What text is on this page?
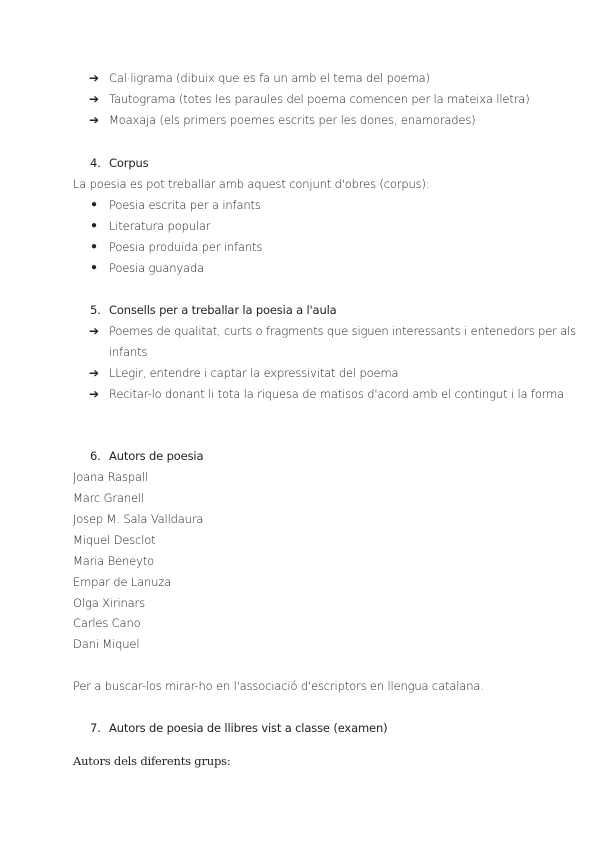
➔ Cal·ligrama (dibuix que es fa un amb el tema del poema)
➔ Tautograma (totes les paraules del poema comencen per la mateixa lletra)
➔ Moaxaja (els primers poemes escrits per les dones, enamorades)
4. Corpus
La poesia es pot treballar amb aquest conjunt d'obres (corpus):
● Poesia escrita per a infants
● Literatura popular
● Poesia produïda per infants
● Poesia guanyada
5. Consells per a treballar la poesia a l'aula
➔ Poemes de qualitat, curts o fragments que siguen interessants i entenedors per als
infants
➔ LLegir, entendre i captar la expressivitat del poema
➔ Recitar-lo donant li tota la riquesa de matisos d'acord amb el contingut i la forma
6. Autors de poesia
Joana Raspall
Marc Granell
Josep M. Sala Valldaura
Miquel Desclot
Maria Beneyto
Empar de Lanuza
Olga Xirinars
Carles Cano
Dani Miquel
Per a buscar-los mirar-ho en l'associació d'escriptors en llengua catalana.
7. Autors de poesia de llibres vist a classe (examen)
Autors dels diferents grups:
